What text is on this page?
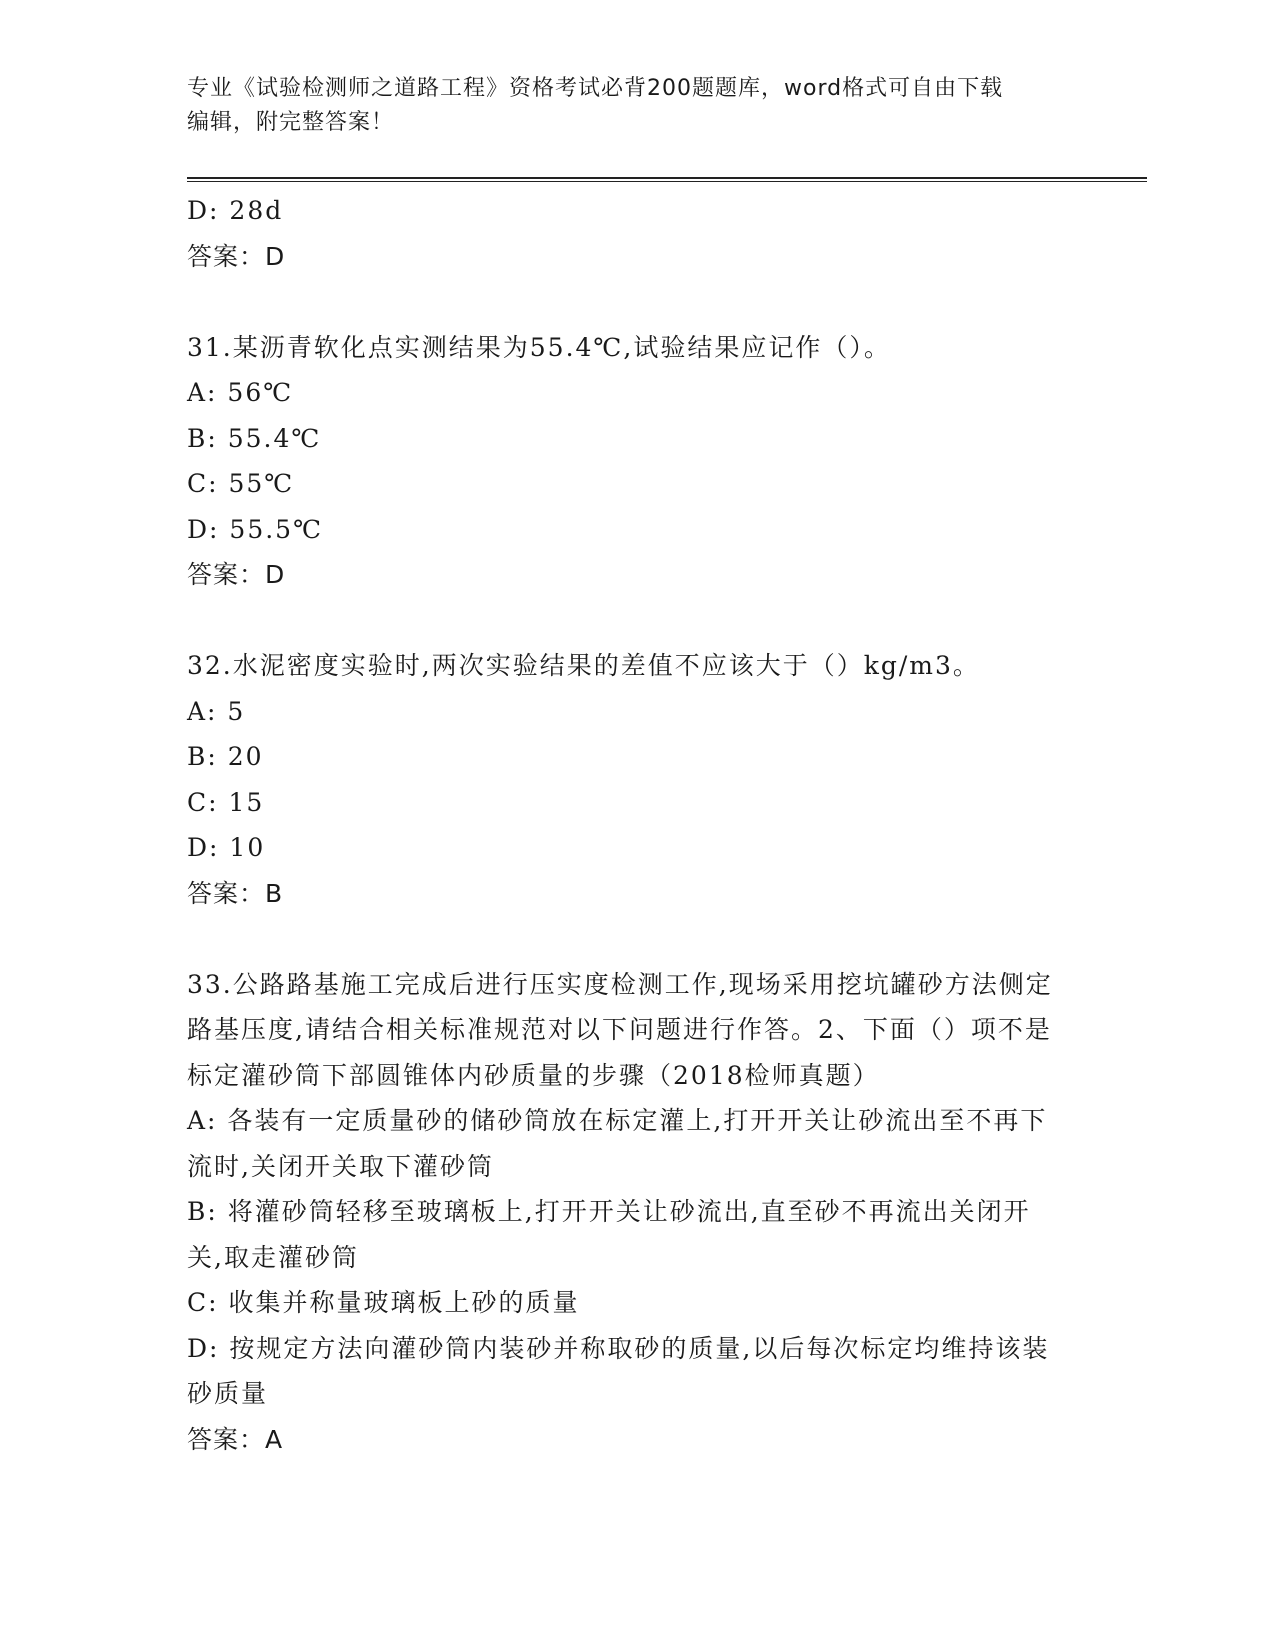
专业《试验检测师之道路工程》资格考试必背200题题库，word格式可自由下载
编辑，附完整答案！
D: 28d
答案：D
31.某沥青软化点实测结果为55.4℃,试验结果应记作（）。
A: 56℃
B: 55.4℃
C: 55℃
D: 55.5℃
答案：D
32.水泥密度实验时,两次实验结果的差值不应该大于（）kg/m3。
A: 5
B: 20
C: 15
D: 10
答案：B
33.公路路基施工完成后进行压实度检测工作,现场采用挖坑罐砂方法侧定路基压度,请结合相关标准规范对以下问题进行作答。2、下面（）项不是标定灌砂筒下部圆锥体内砂质量的步骤（2018检师真题）
A: 各装有一定质量砂的储砂筒放在标定灌上,打开开关让砂流出至不再下流时,关闭开关取下灌砂筒
B: 将灌砂筒轻移至玻璃板上,打开开关让砂流出,直至砂不再流出关闭开关,取走灌砂筒
C: 收集并称量玻璃板上砂的质量
D: 按规定方法向灌砂筒内装砂并称取砂的质量,以后每次标定均维持该装砂质量
答案：A
